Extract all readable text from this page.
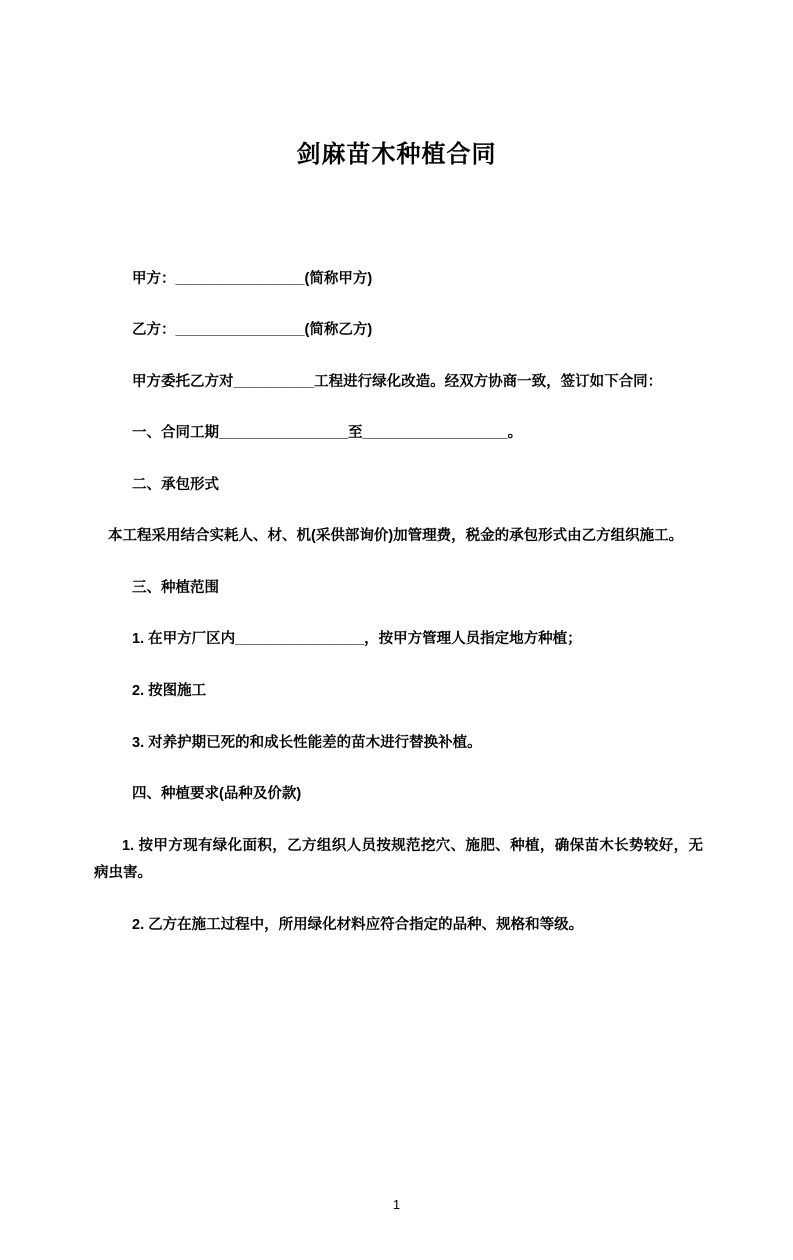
剑麻苗木种植合同

甲方：________________(简称甲方)

乙方：________________(简称乙方)

甲方委托乙方对__________工程进行绿化改造。经双方协商一致，签订如下合同：

一、合同工期________________至__________________。

二、承包形式

本工程采用结合实耗人、材、机(采供部询价)加管理费，税金的承包形式由乙方组织施工。

三、种植范围

1. 在甲方厂区内________________，按甲方管理人员指定地方种植；

2. 按图施工

3. 对养护期已死的和成长性能差的苗木进行替换补植。

四、种植要求(品种及价款)

1. 按甲方现有绿化面积，乙方组织人员按规范挖穴、施肥、种植，确保苗木长势较好，无病虫害。

2. 乙方在施工过程中，所用绿化材料应符合指定的品种、规格和等级。

1
